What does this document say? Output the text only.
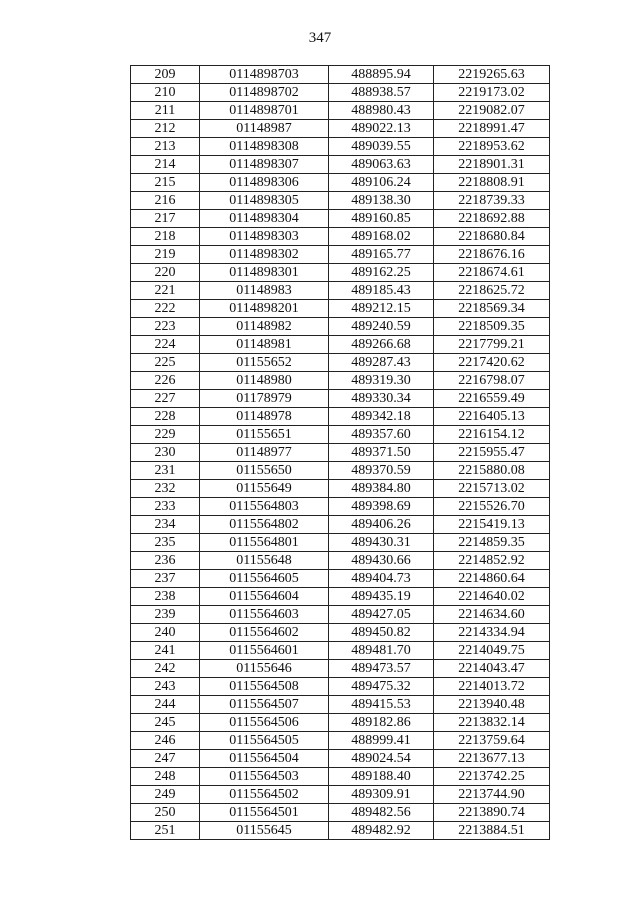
347
209	0114898703	488895.94	2219265.63
210	0114898702	488938.57	2219173.02
211	0114898701	488980.43	2219082.07
212	01148987	489022.13	2218991.47
213	0114898308	489039.55	2218953.62
214	0114898307	489063.63	2218901.31
215	0114898306	489106.24	2218808.91
216	0114898305	489138.30	2218739.33
217	0114898304	489160.85	2218692.88
218	0114898303	489168.02	2218680.84
219	0114898302	489165.77	2218676.16
220	0114898301	489162.25	2218674.61
221	01148983	489185.43	2218625.72
222	0114898201	489212.15	2218569.34
223	01148982	489240.59	2218509.35
224	01148981	489266.68	2217799.21
225	01155652	489287.43	2217420.62
226	01148980	489319.30	2216798.07
227	01178979	489330.34	2216559.49
228	01148978	489342.18	2216405.13
229	01155651	489357.60	2216154.12
230	01148977	489371.50	2215955.47
231	01155650	489370.59	2215880.08
232	01155649	489384.80	2215713.02
233	0115564803	489398.69	2215526.70
234	0115564802	489406.26	2215419.13
235	0115564801	489430.31	2214859.35
236	01155648	489430.66	2214852.92
237	0115564605	489404.73	2214860.64
238	0115564604	489435.19	2214640.02
239	0115564603	489427.05	2214634.60
240	0115564602	489450.82	2214334.94
241	0115564601	489481.70	2214049.75
242	01155646	489473.57	2214043.47
243	0115564508	489475.32	2214013.72
244	0115564507	489415.53	2213940.48
245	0115564506	489182.86	2213832.14
246	0115564505	488999.41	2213759.64
247	0115564504	489024.54	2213677.13
248	0115564503	489188.40	2213742.25
249	0115564502	489309.91	2213744.90
250	0115564501	489482.56	2213890.74
251	01155645	489482.92	2213884.51
